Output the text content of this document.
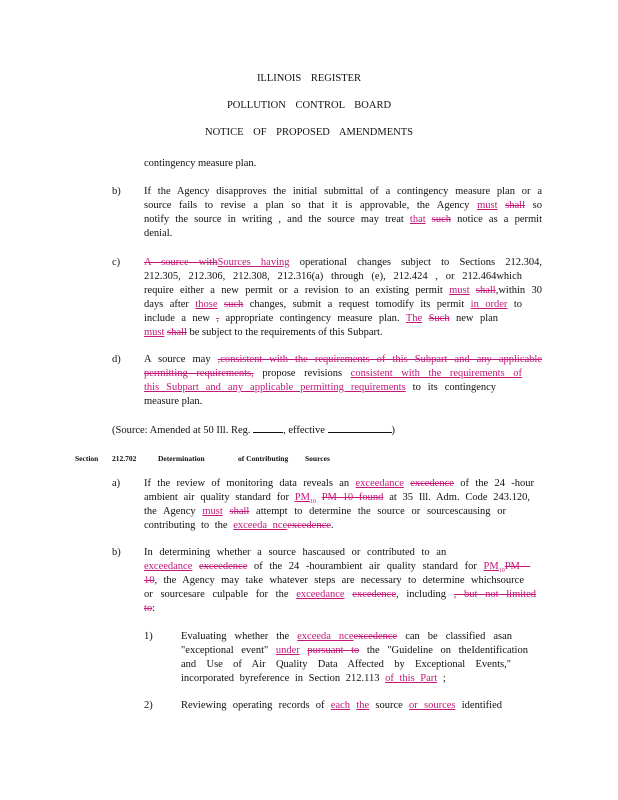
ILLINOIS REGISTER
POLLUTION CONTROL BOARD
NOTICE OF PROPOSED AMENDMENTS
contingency measure plan.
b) If the Agency disapproves the initial submittal of a contingency measure plan or a
source fails to revise a plan so that it is approvable, the Agency must shall so
notify the source in writing , and the source may treat that such notice as a permit
denial.
c) A source withSources having operational changes subject to Sections 212.304,
212.305, 212.306, 212.308, 212.316(a) through (e), 212.424 , or 212.464which
require either a new permit or a revision to an existing permit must shall,within 30
days after those such changes, submit a request tomodify its permit in order to
include a new , appropriate contingency measure plan. The Such new plan
must shall be subject to the requirements of this Subpart.
d) A source may ,consistent with the requirements of this Subpart and any applicable
permitting requirements, propose revisions consistent with the requirements of
this Subpart and any applicable permitting requirements to its contingency
measure plan.
(Source: Amended at 50 Ill. Reg.	, effective	)
Section 212.702	Determination	of Contributing Sources
a) If the review of monitoring data reveals an exceedance excedence of the 24 -hour
ambient air quality standard for $PM_{10}$ PM 10 found at 35 Ill. Adm. Code 243.120,
the Agency must shall attempt to determine the source or sourcescausing or
contributing to the exceeda nceexcedence.
b) In determining whether a source hascaused or contributed to an
exceedance exceedence of the 24 -hourambient air quality standard for $PM_{10}PM$ -
10, the Agency may take whatever steps are necessary to determine whichsource
or sourcesare culpable for the exceedance excedence, including , but not limited
to:
1)	Evaluating whether the exceeda nceexcedence can be classified asan
"exceptional event" under pursuant to the "Guideline on theIdentification
and Use of Air Quality Data Affected by Exceptional Events,"
incorporated byreference in Section 212.113 of this Part ;
2)	Reviewing operating records of each the source or sources identified
